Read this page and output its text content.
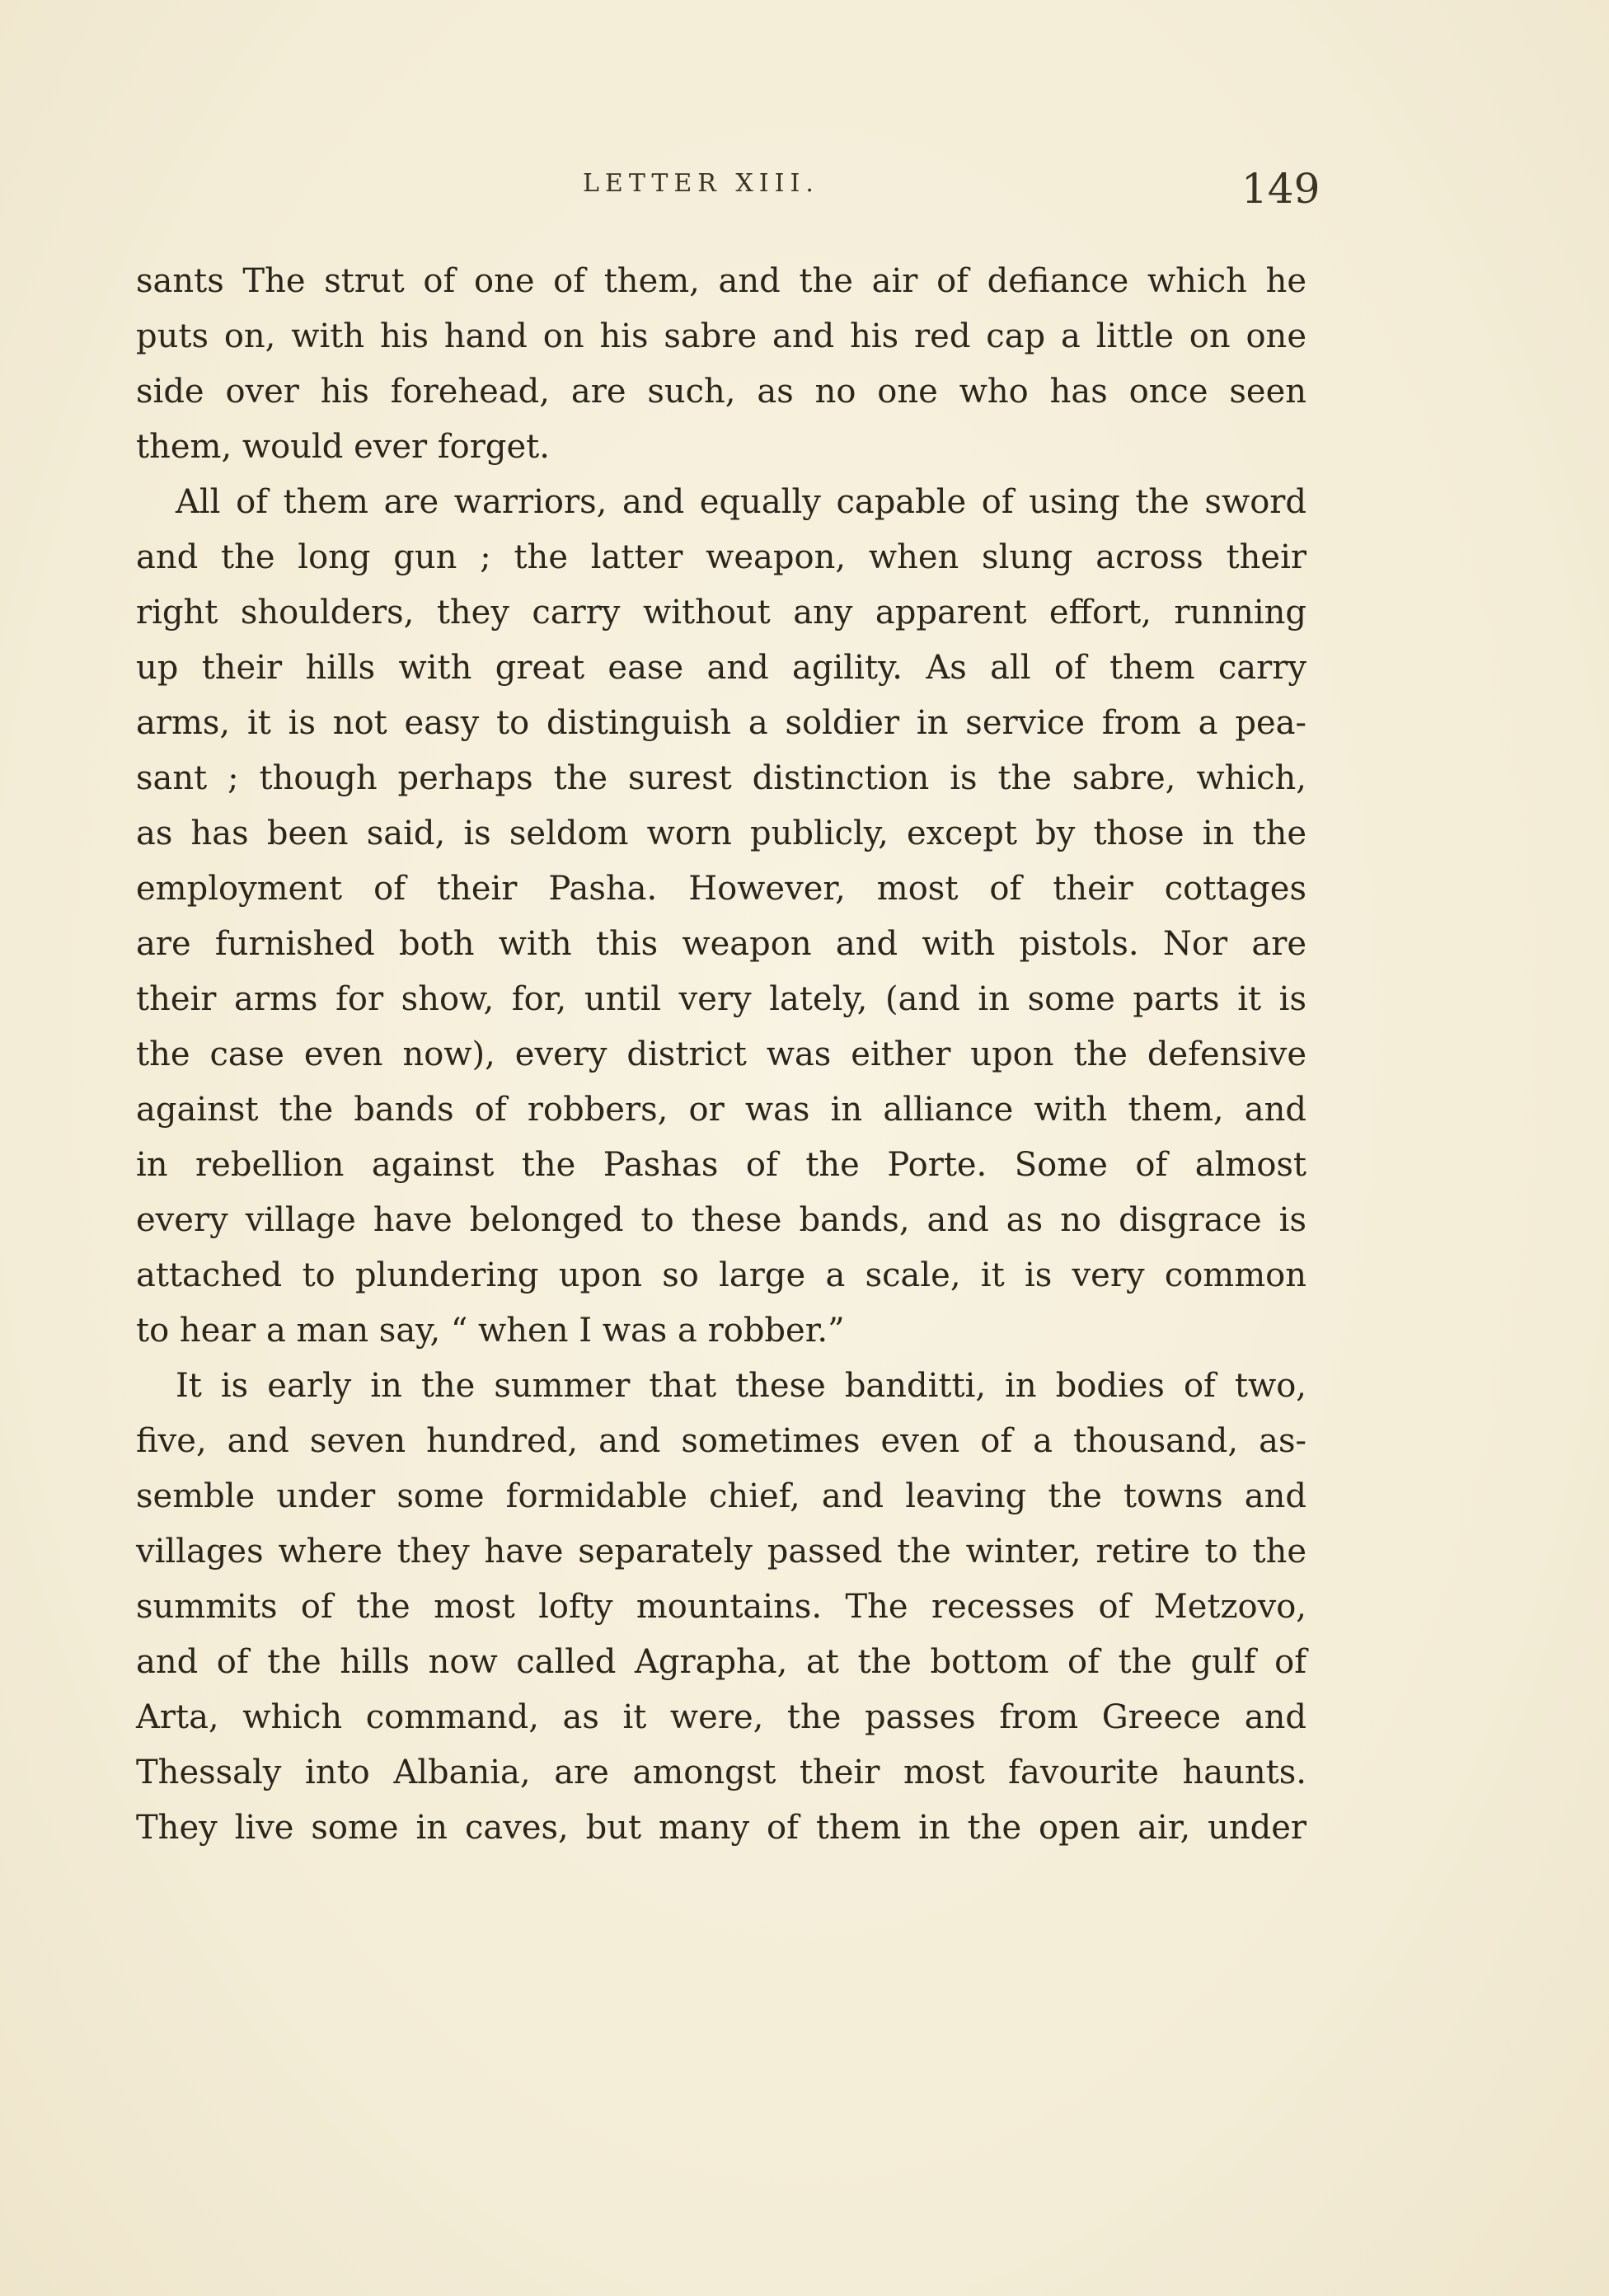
LETTER XIII.	149
sants The strut of one of them, and the air of defiance which he
puts on, with his hand on his sabre and his red cap a little on one
side over his forehead, are such, as no one who has once seen
them, would ever forget.
All of them are warriors, and equally capable of using the sword
and the long gun ; the latter weapon, when slung across their
right shoulders, they carry without any apparent effort, running
up their hills with great ease and agility. As all of them carry
arms, it is not easy to distinguish a soldier in service from a pea-
sant ; though perhaps the surest distinction is the sabre, which,
as has been said, is seldom worn publicly, except by those in the
employment of their Pasha. However, most of their cottages
are furnished both with this weapon and with pistols. Nor are
their arms for show, for, until very lately, (and in some parts it is
the case even now), every district was either upon the defensive
against the bands of robbers, or was in alliance with them, and
in rebellion against the Pashas of the Porte. Some of almost
every village have belonged to these bands, and as no disgrace is
attached to plundering upon so large a scale, it is very common
to hear a man say, “ when I was a robber.”
It is early in the summer that these banditti, in bodies of two,
five, and seven hundred, and sometimes even of a thousand, as-
semble under some formidable chief, and leaving the towns and
villages where they have separately passed the winter, retire to the
summits of the most lofty mountains. The recesses of Metzovo,
and of the hills now called Agrapha, at the bottom of the gulf of
Arta, which command, as it were, the passes from Greece and
Thessaly into Albania, are amongst their most favourite haunts.
They live some in caves, but many of them in the open air, under
